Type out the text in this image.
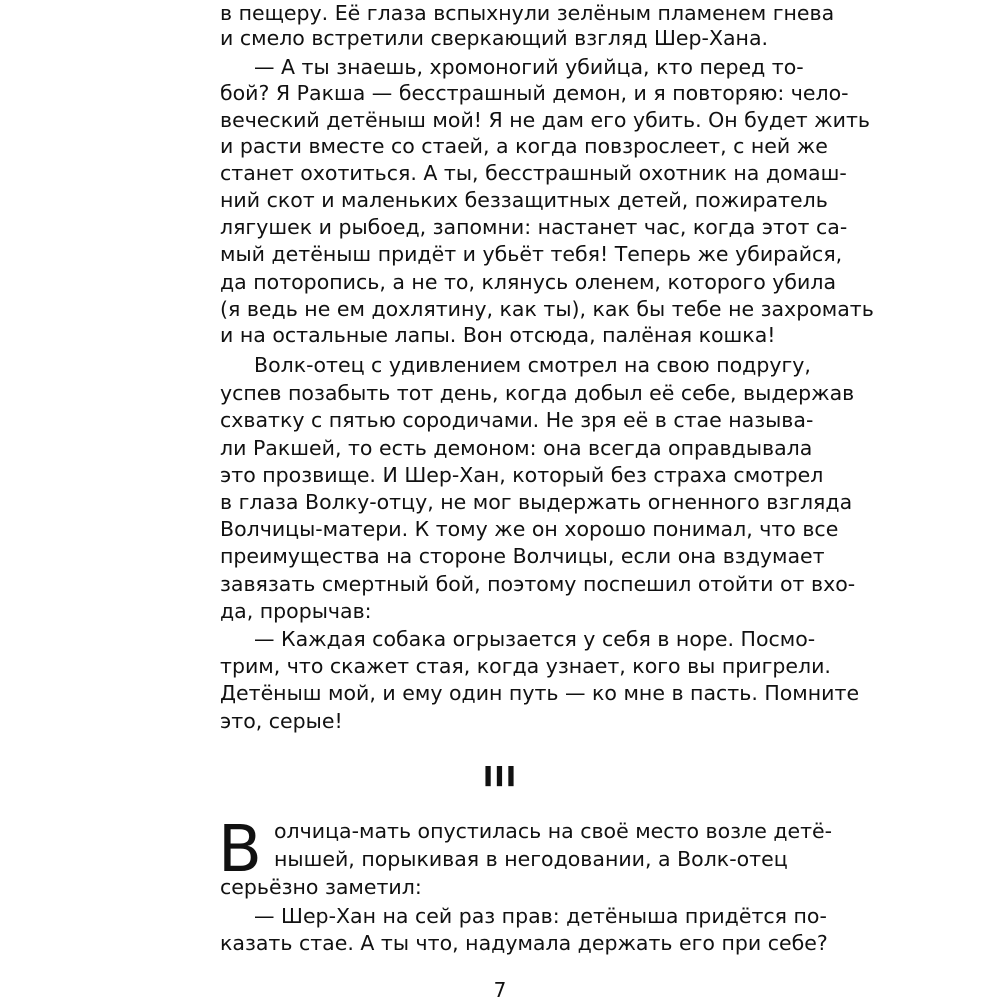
в пещеру. Её глаза вспыхнули зелёным пламенем гнева

и смело встретили сверкающий взгляд Шер-Хана.

— А ты знаешь, хромоногий убийца, кто перед то-

бой? Я Ракша — бесстрашный демон, и я повторяю: чело-

веческий детёныш мой! Я не дам его убить. Он будет жить

и расти вместе со стаей, а когда повзрослеет, с ней же

станет охотиться. А ты, бесстрашный охотник на домаш-

ний скот и маленьких беззащитных детей, пожиратель

лягушек и рыбоед, запомни: настанет час, когда этот са-

мый детёныш придёт и убьёт тебя! Теперь же убирайся,

да поторопись, а не то, клянусь оленем, которого убила

(я ведь не ем дохлятину, как ты), как бы тебе не захромать

и на остальные лапы. Вон отсюда, палёная кошка!

Волк-отец с удивлением смотрел на свою подругу,

успев позабыть тот день, когда добыл её себе, выдержав

схватку с пятью сородичами. Не зря её в стае называ-

ли Ракшей, то есть демоном: она всегда оправдывала

это прозвище. И Шер-Хан, который без страха смотрел

в глаза Волку-отцу, не мог выдержать огненного взгляда

Волчицы-матери. К тому же он хорошо понимал, что все

преимущества на стороне Волчицы, если она вздумает

завязать смертный бой, поэтому поспешил отойти от вхо-

да, прорычав:

— Каждая собака огрызается у себя в норе. Посмо-

трим, что скажет стая, когда узнает, кого вы пригрели.

Детёныш мой, и ему один путь — ко мне в пасть. Помните

это, серые!

III
В олчица-мать опустилась на своё место возле детё-

нышей, порыкивая в негодовании, а Волк-отец

серьёзно заметил:

— Шер-Хан на сей раз прав: детёныша придётся по-

казать стае. А ты что, надумала держать его при себе?

7
